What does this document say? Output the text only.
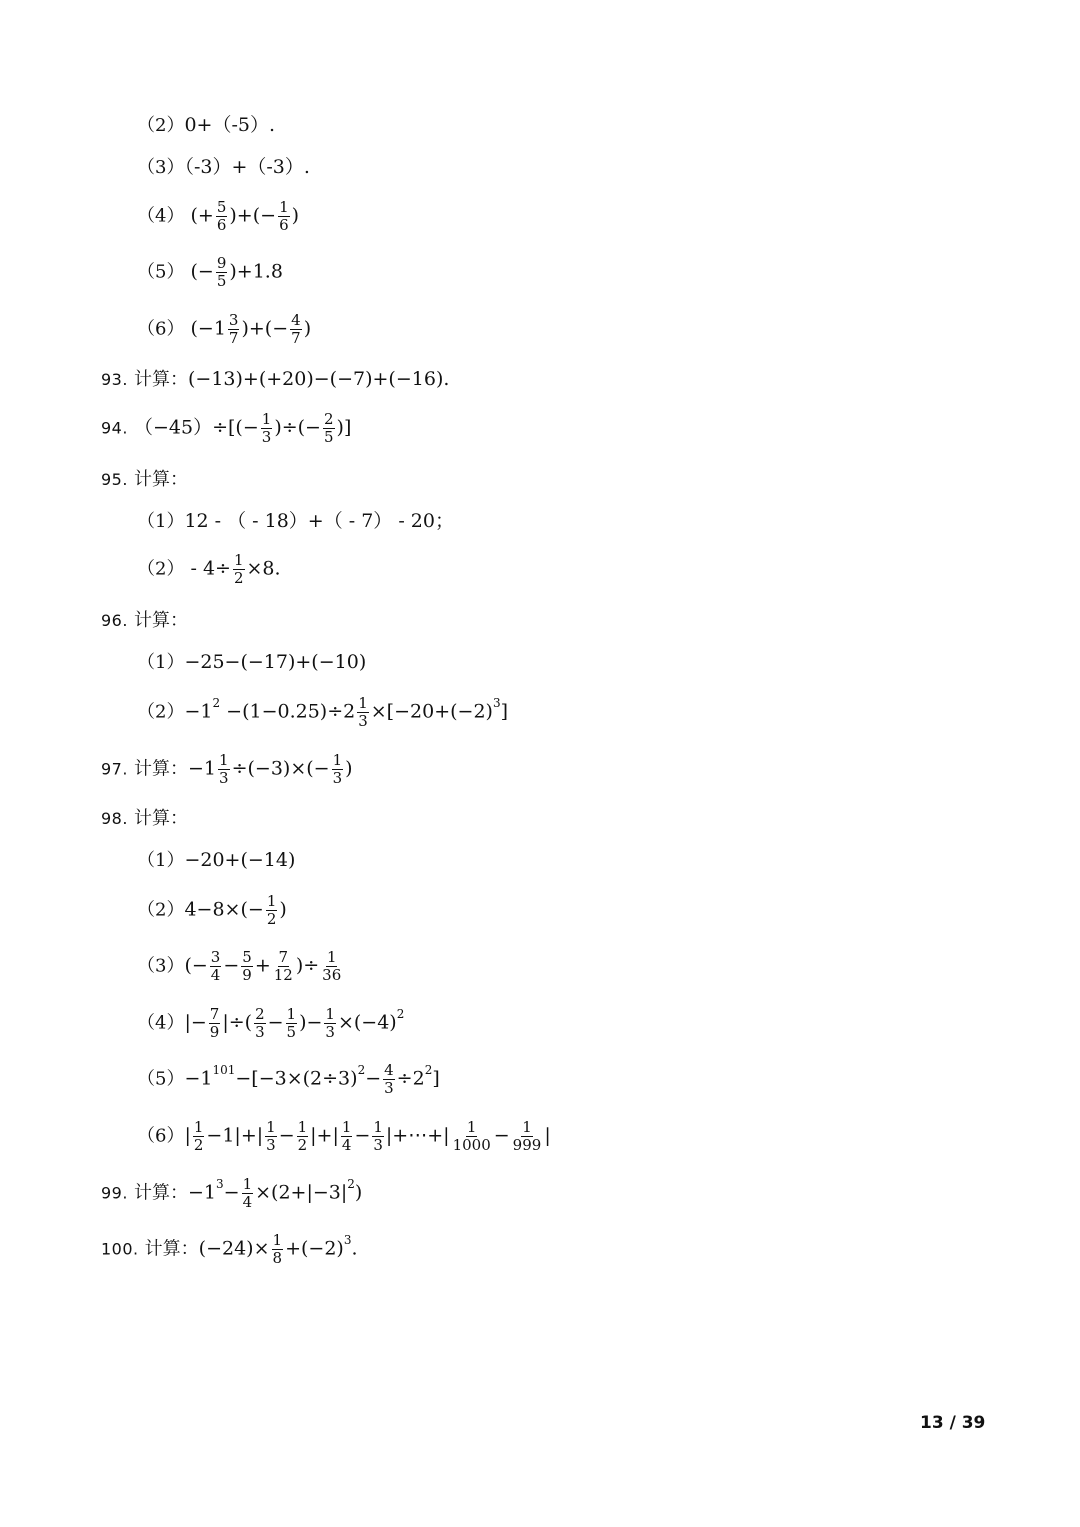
（2）0+（-5）.
（3）（-3）+（-3）.
（4） (+ $\frac{5}{6}$ )+(− $\frac{1}{6}$ )
（5） (− $\frac{9}{5} )+1.8$
（6） ($-1 \frac{3}{7}$ )+(− $\frac{4}{7}$ )
93. 计算：(−13)+(+20)−(−7)+(−16).
94. $(-45)\div[(- \frac{1}{3}$ )÷(− $\frac{2}{5}$ )]
95. 计算：
（1）12 - （ - 18）+（ - 7） - 20；
$(2) - 4\div \frac{1}{2} \times 8$.
96. 计算：
（1）−25−(−17)+(−10)
$(2)-1^2 -(1-0.25)\div 2 \frac{1}{3} \times[-20+(-2)^3]$
97. 计算：$-1 \frac{1}{3} \div(-3)\times(- \frac{1}{3}$ )
98. 计算：
（1）−20+(−14)
$(2)4-8\times(- \frac{1}{2}$ )
$(3)(- \frac{3}{4} - \frac{5}{9} + \frac{7}{12}$ )÷ $\frac{1}{36}$
$(4)|- \frac{7}{9}$ |÷( $\frac{2}{3} - \frac{1}{5}$ )− $\frac{1}{3} \times(-4)^2$
$(5)-1^{101}-[-3\times(2\div 3)^2- \frac{4}{3} \div 2^2]$
$(6)| \frac{1}{2} -1|+| \frac{1}{3} - \frac{1}{2}$ |+| $\frac{1}{4} - \frac{1}{3}$ |+⋯+| $\frac{1}{1000} - \frac{1}{999}$ |
99. 计算：$-1^3- \frac{1}{4} \times(2+|-3|^2)$
100. 计算：$(-24)\times \frac{1}{8} +(-2)^3$.
13 / 39
